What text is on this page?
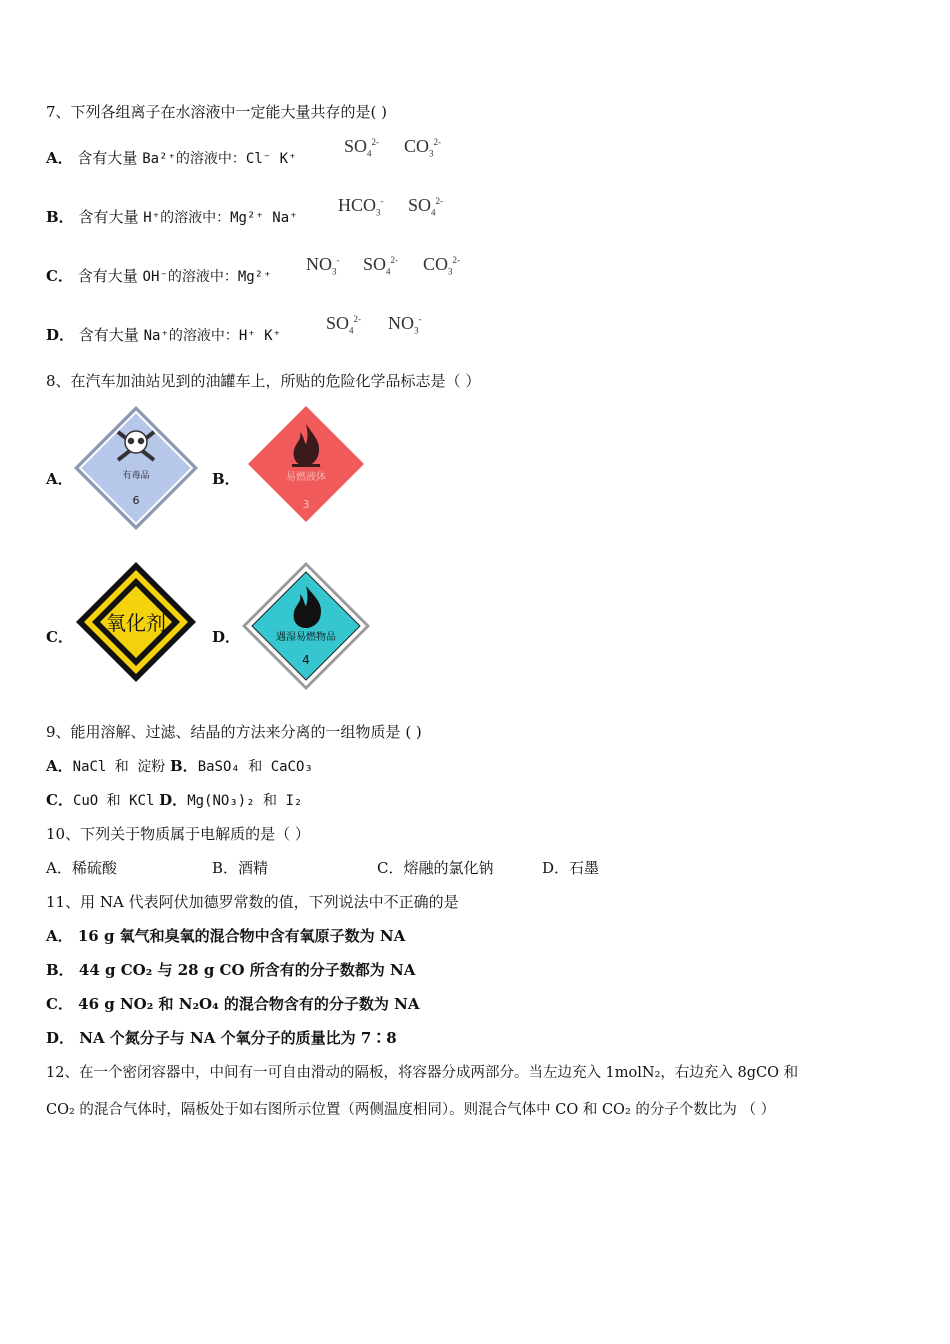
7、下列各组离子在水溶液中一定能大量共存的是( )
A． 含有大量 Ba²⁺的溶液中：Cl⁻ K⁺
$SO_4^{2-}$ $CO_3^{2-}$
B． 含有大量 H⁺的溶液中：Mg²⁺ Na⁺
$HCO_3^-$ $SO_4^{2-}$
C． 含有大量 OH⁻的溶液中：Mg²⁺
$NO_3^-$ $SO_4^{2-}$ $CO_3^{2-}$
D． 含有大量 Na⁺的溶液中：H⁺ K⁺
$SO_4^{2-}$ $NO_3^-$
8、在汽车加油站见到的油罐车上，所贴的危险化学品标志是（ ）
A．	有毒品
6
B．	易燃液体
3
C．
氧化剂
D．	遇湿易燃物品
4
9、能用溶解、过滤、结晶的方法来分离的一组物质是 ( )
A．NaCl 和 淀粉 B．BaSO₄ 和 CaCO₃
C．CuO 和 KCl D．Mg(NO₃)₂ 和 I₂
10、下列关于物质属于电解质的是（ ）
A．稀硫酸	B．酒精	C．熔融的氯化钠	D．石墨
11、用 NA 代表阿伏加德罗常数的值，下列说法中不正确的是
A． 16 g 氧气和臭氧的混合物中含有氧原子数为 NA
B． 44 g CO₂ 与 28 g CO 所含有的分子数都为 NA
C． 46 g NO₂ 和 N₂O₄ 的混合物含有的分子数为 NA
D． NA 个氮分子与 NA 个氧分子的质量比为 7∶8
12、在一个密闭容器中，中间有一可自由滑动的隔板，将容器分成两部分。当左边充入 1molN₂，右边充入 8gCO 和
CO₂ 的混合气体时，隔板处于如右图所示位置（两侧温度相同）。则混合气体中 CO 和 CO₂ 的分子个数比为 （ ）
